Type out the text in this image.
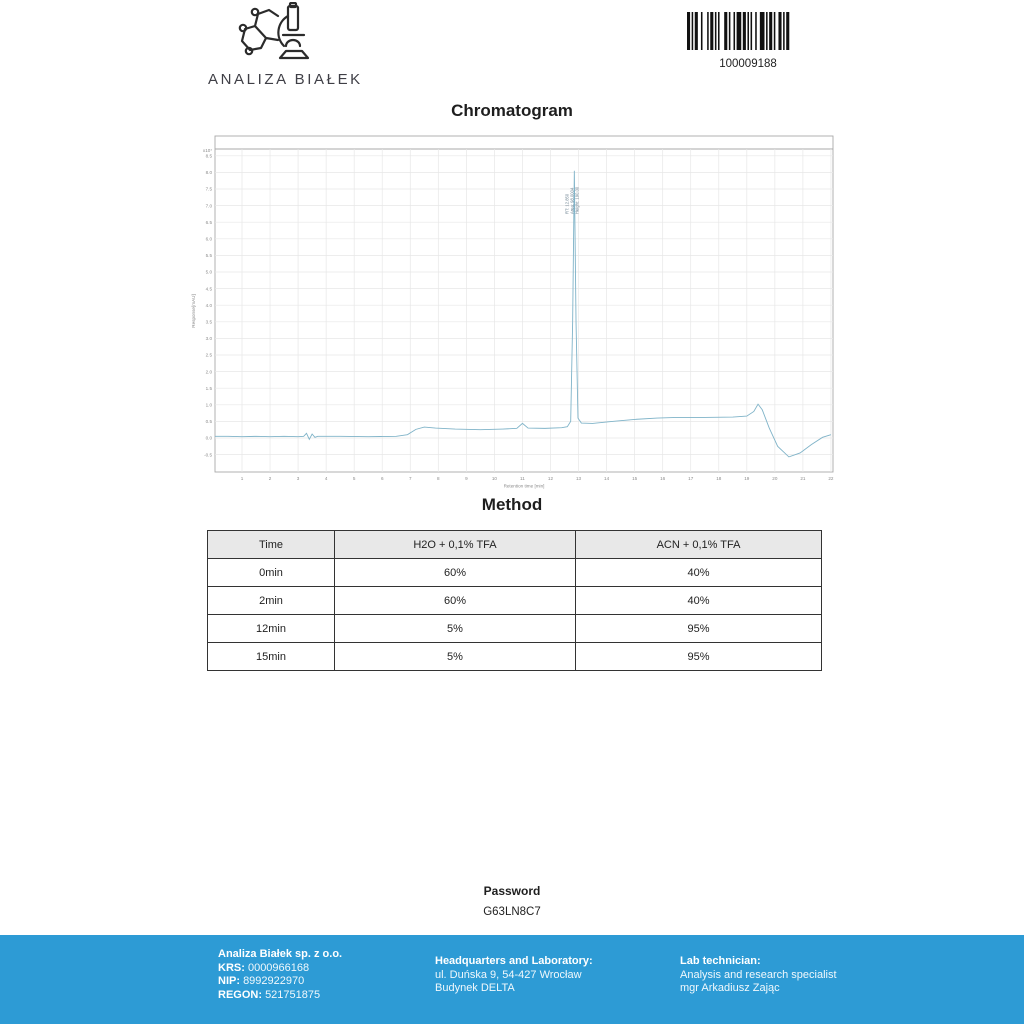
ANALIZA BIAŁEK
100009188
Chromatogram
-0.5
0.0
0.5
1.0
1.5
2.0
2.5
3.0
3.5
4.0
4.5
5.0
5.5
6.0
6.5
7.0
7.5
8.0
8.5
x10⁷
1	2	3	4	5	6	7	8	9	10	11	12	13	14	15	16	17	18	19	20	21	22
Retention time [min]
Response[mAU]
RT: 12.850 Area: 98.0004 Height: 190.00
Method
Time	H2O + 0,1% TFA	ACN + 0,1% TFA
0min	60%	40%
2min	60%	40%
12min	5%	95%
15min	5%	95%
Password
G63LN8C7
Analiza Białek sp. z o.o.
KRS: 0000966168
NIP: 8992922970
REGON: 521751875
Headquarters and Laboratory:
ul. Duńska 9, 54-427 Wrocław
Budynek DELTA
Lab technician:
Analysis and research specialist
mgr Arkadiusz Zając
